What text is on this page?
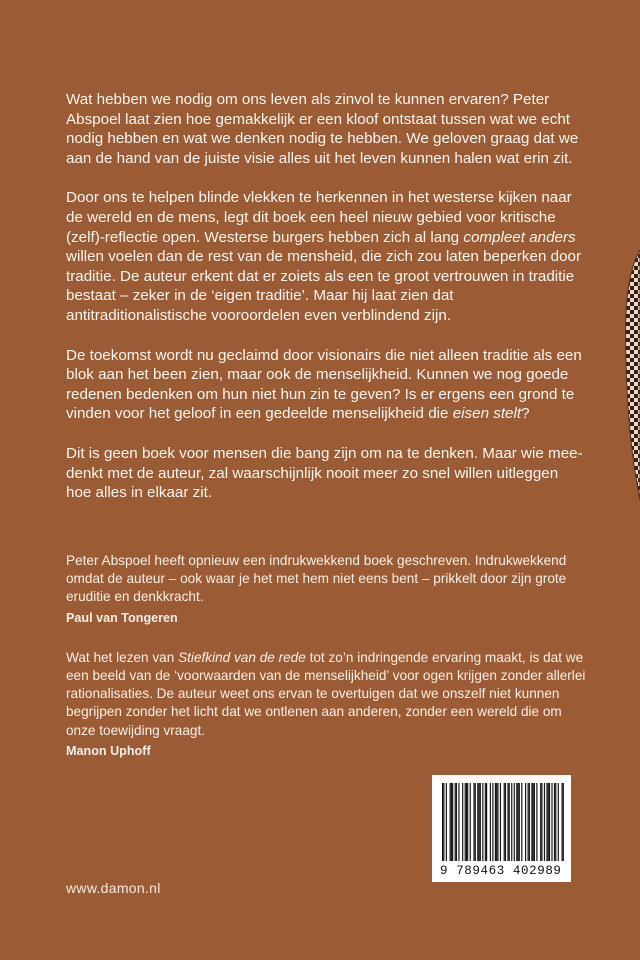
Wat hebben we nodig om ons leven als zinvol te kunnen ervaren? Peter Abspoel laat zien hoe gemakkelijk er een kloof ontstaat tussen wat we echt nodig hebben en wat we denken nodig te hebben. We geloven graag dat we aan de hand van de juiste visie alles uit het leven kunnen halen wat erin zit.

Door ons te helpen blinde vlekken te herkennen in het westerse kijken naar de wereld en de mens, legt dit boek een heel nieuw gebied voor kritische (zelf)-reflectie open. Westerse burgers hebben zich al lang compleet anders willen voelen dan de rest van de mensheid, die zich zou laten beperken door traditie. De auteur erkent dat er zoiets als een te groot vertrouwen in traditie bestaat – zeker in de ‘eigen traditie’. Maar hij laat zien dat antitraditionalistische vooroordelen even verblindend zijn.

De toekomst wordt nu geclaimd door visionairs die niet alleen traditie als een blok aan het been zien, maar ook de menselijkheid. Kunnen we nog goede redenen bedenken om hun niet hun zin te geven? Is er ergens een grond te vinden voor het geloof in een gedeelde menselijkheid die eisen stelt?

Dit is geen boek voor mensen die bang zijn om na te denken. Maar wie mee-denkt met de auteur, zal waarschijnlijk nooit meer zo snel willen uitleggen hoe alles in elkaar zit.

Peter Abspoel heeft opnieuw een indrukwekkend boek geschreven. Indrukwekkend omdat de auteur – ook waar je het met hem niet eens bent – prikkelt door zijn grote eruditie en denkkracht.

Paul van Tongeren

Wat het lezen van Stiefkind van de rede tot zo’n indringende ervaring maakt, is dat we een beeld van de ‘voorwaarden van de menselijkheid’ voor ogen krijgen zonder allerlei rationalisaties. De auteur weet ons ervan te overtuigen dat we onszelf niet kunnen begrijpen zonder het licht dat we ontlenen aan anderen, zonder een wereld die om onze toewijding vraagt.

Manon Uphoff
www.damon.nl
9 789463 402989
